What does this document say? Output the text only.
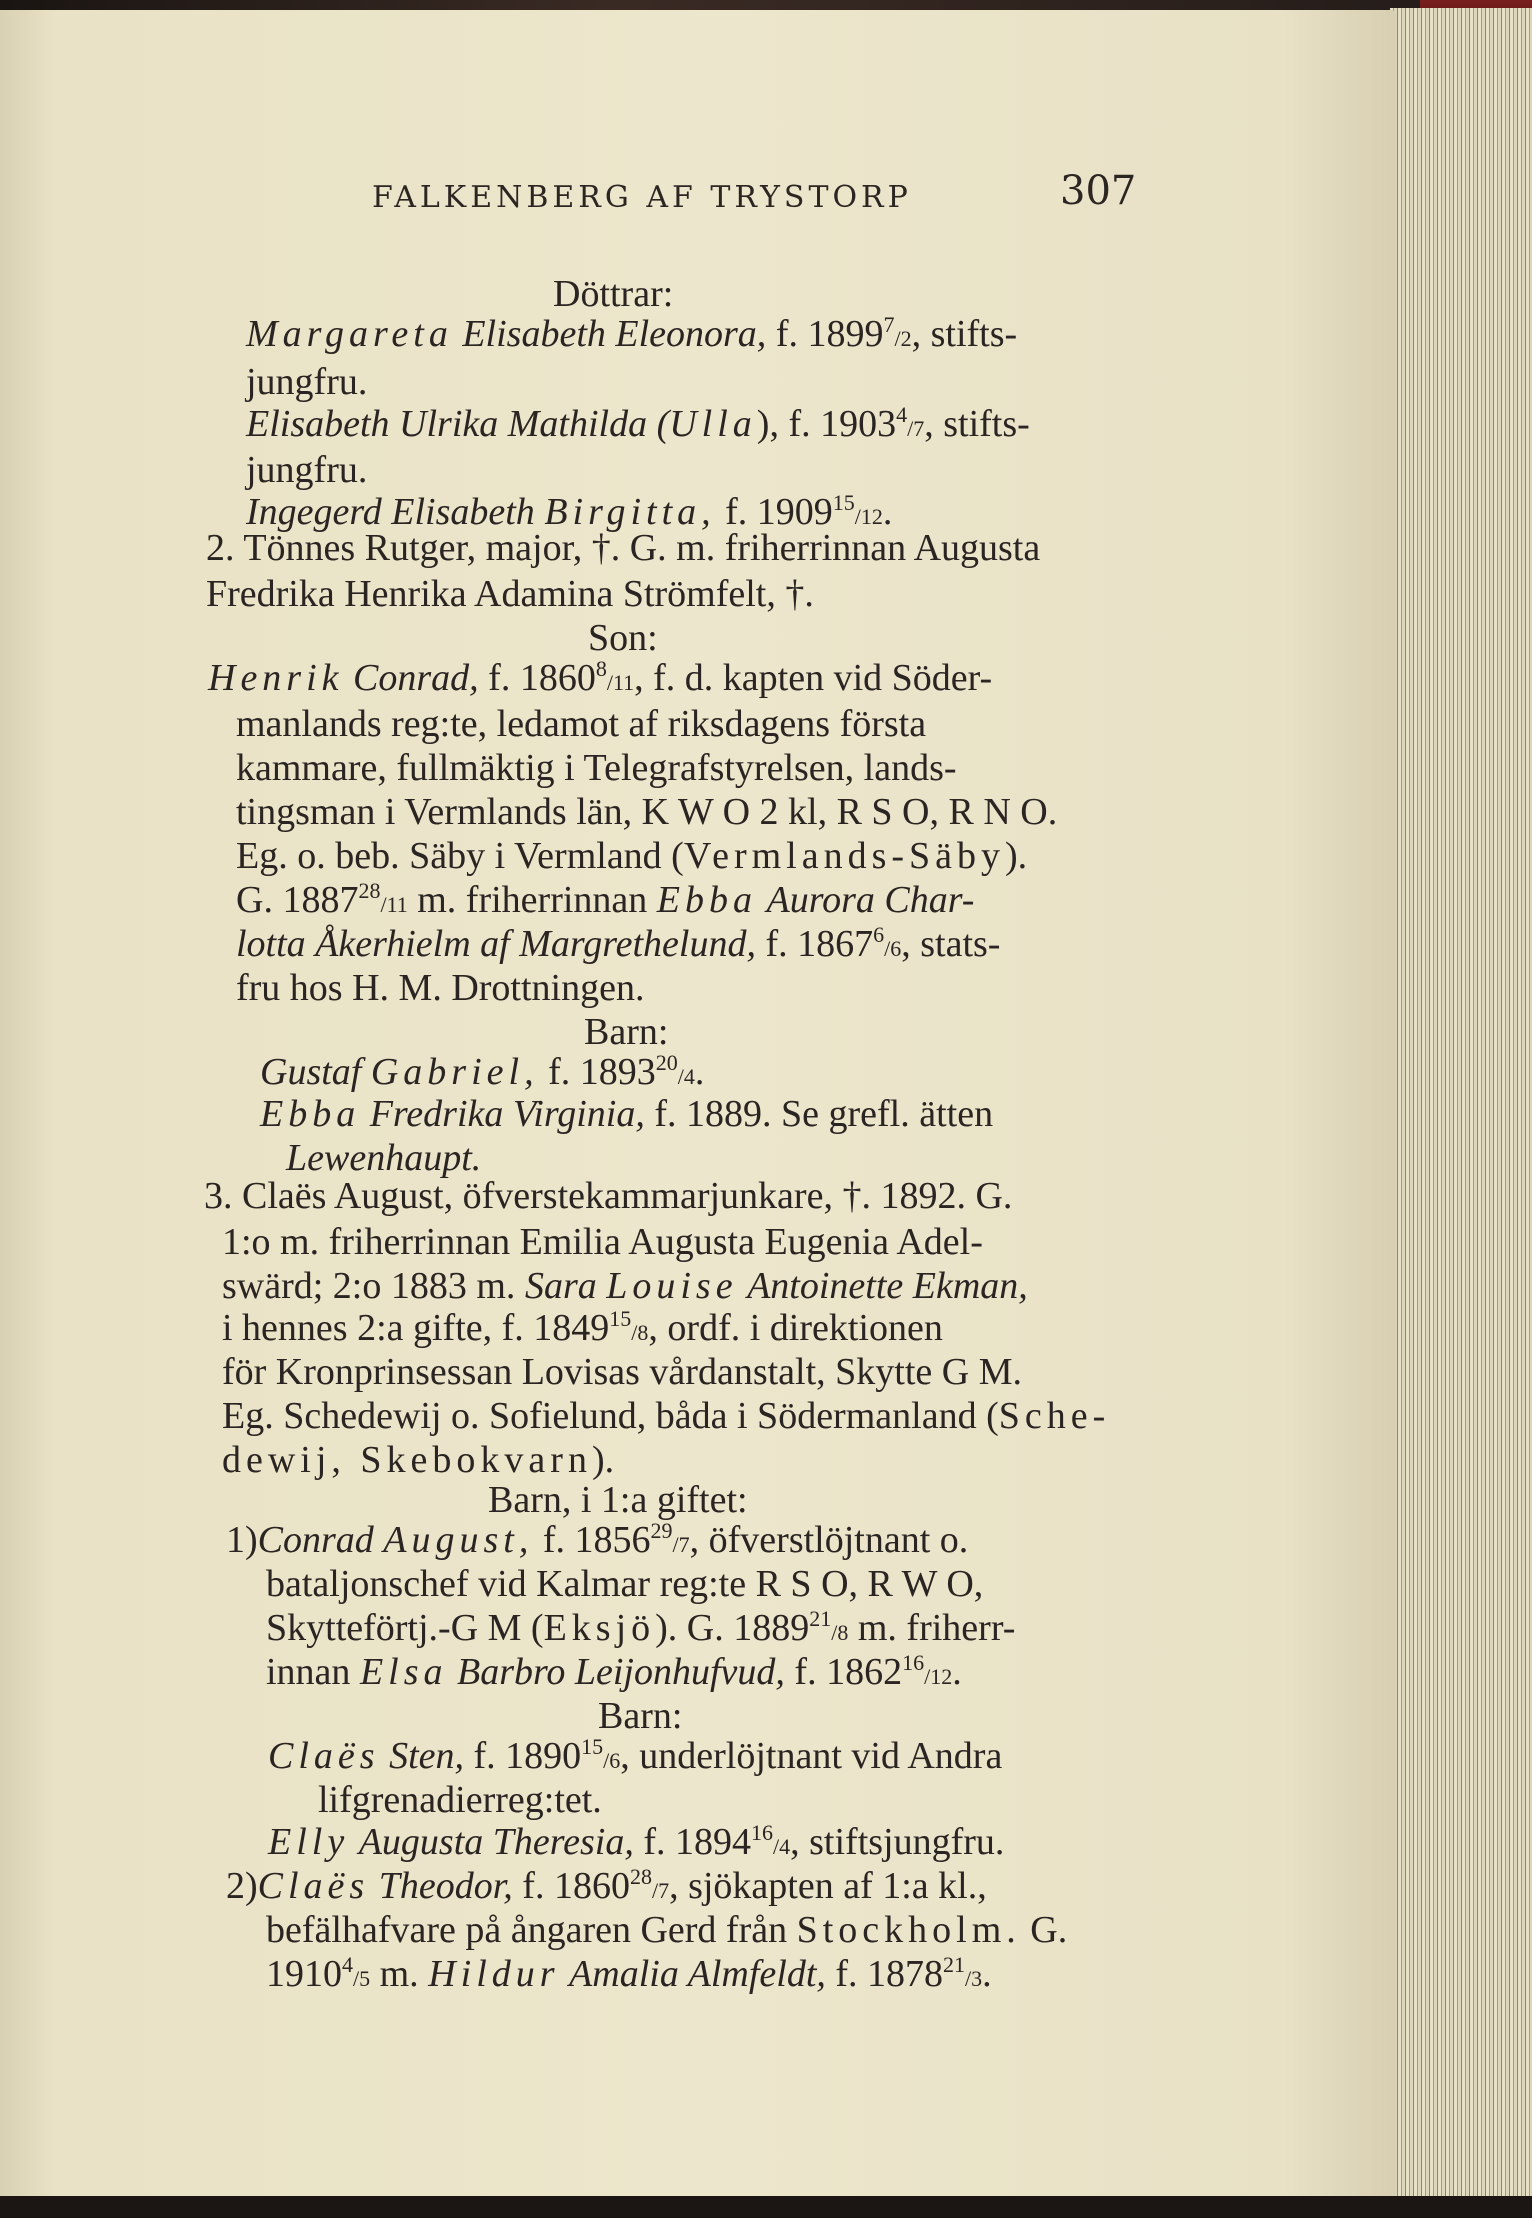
FALKENBERG AF TRYSTORP	307
Döttrar:
Margareta Elisabeth Eleonora, f. 1899$^7$/2, stifts-
jungfru.
Elisabeth Ulrika Mathilda (Ulla), f. 1903$^4$/7, stifts-
jungfru.
Ingegerd Elisabeth Birgitta, f. 1909$^{15}$/12.
2. Tönnes Rutger, major, †. G. m. friherrinnan Augusta
Fredrika Henrika Adamina Strömfelt, †.
Son:
Henrik Conrad, f. 1860$^8$/11, f. d. kapten vid Söder-
manlands reg:te, ledamot af riksdagens första
kammare, fullmäktig i Telegrafstyrelsen, lands-
tingsman i Vermlands län, K W O 2 kl, R S O, R N O.
Eg. o. beb. Säby i Vermland (Vermlands-Säby).
G. 1887$^{28}$/11 m. friherrinnan Ebba Aurora Char-
lotta Åkerhielm af Margrethelund, f. 1867$^6$/6, stats-
fru hos H. M. Drottningen.
Barn:
Gustaf Gabriel, f. 1893$^{20}$/4.
Ebba Fredrika Virginia, f. 1889. Se grefl. ätten
Lewenhaupt.
3. Claës August, öfverstekammarjunkare, †. 1892. G.
1:o m. friherrinnan Emilia Augusta Eugenia Adel-
swärd; 2:o 1883 m. Sara Louise Antoinette Ekman,
i hennes 2:a gifte, f. 1849$^{15}$/8, ordf. i direktionen
för Kronprinsessan Lovisas vårdanstalt, Skytte G M.
Eg. Schedewij o. Sofielund, båda i Södermanland (Sche-
dewij, Skebokvarn).
Barn, i 1:a giftet:
1)Conrad August, f. 1856$^{29}$/7, öfverstlöjtnant o.
bataljonschef vid Kalmar reg:te R S O, R W O,
Skytteförtj.-G M (Eksjö). G. 1889$^{21}$/8 m. friherr-
innan Elsa Barbro Leijonhufvud, f. 1862$^{16}$/12.
Barn:
Claës Sten, f. 1890$^{15}$/6, underlöjtnant vid Andra
lifgrenadierreg:tet.
Elly Augusta Theresia, f. 1894$^{16}$/4, stiftsjungfru.
2)Claës Theodor, f. 1860$^{28}$/7, sjökapten af 1:a kl.,
befälhafvare på ångaren Gerd från Stockholm. G.
1910$^4$/5 m. Hildur Amalia Almfeldt, f. 1878$^{21}$/3.
